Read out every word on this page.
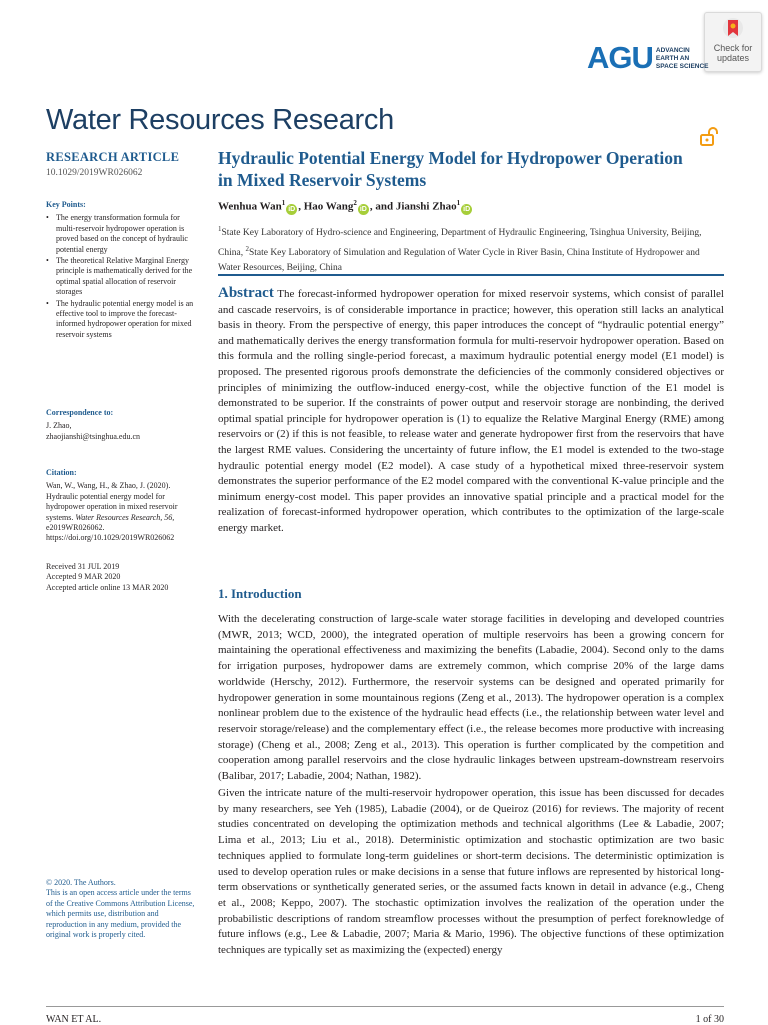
Check for
updates
AGU ADVANCIN
EARTH AN
SPACE SCIENCE
Water Resources Research
RESEARCH ARTICLE
10.1029/2019WR026062
Key Points:
• The energy transformation formula for multi-reservoir hydropower operation is proved based on the concept of hydraulic potential energy
• The theoretical Relative Marginal Energy principle is mathematically derived for the optimal spatial allocation of reservoir storages
• The hydraulic potential energy model is an effective tool to improve the forecast-informed hydropower operation for mixed reservoir systems
Correspondence to:
J. Zhao,
zhaojianshi@tsinghua.edu.cn
Citation:
Wan, W., Wang, H., & Zhao, J. (2020). Hydraulic potential energy model for hydropower operation in mixed reservoir systems. Water Resources Research, 56, e2019WR026062. https://doi.org/10.1029/2019WR026062
Received 31 JUL 2019
Accepted 9 MAR 2020
Accepted article online 13 MAR 2020
© 2020. The Authors.
This is an open access article under the terms of the Creative Commons Attribution License, which permits use, distribution and reproduction in any medium, provided the original work is properly cited.
Hydraulic Potential Energy Model for Hydropower Operation in Mixed Reservoir Systems
Wenhua Wan$^1$iD , Hao Wang$^2$iD , and Jianshi Zhao$^1$iD
$^1$State Key Laboratory of Hydro-science and Engineering, Department of Hydraulic Engineering, Tsinghua University, Beijing, China, $^2$State Key Laboratory of Simulation and Regulation of Water Cycle in River Basin, China Institute of Hydropower and Water Resources, Beijing, China
Abstract The forecast-informed hydropower operation for mixed reservoir systems, which consist of parallel and cascade reservoirs, is of considerable importance in practice; however, this operation still lacks an analytical basis in theory. From the perspective of energy, this paper introduces the concept of “hydraulic potential energy” and mathematically derives the energy transformation formula for multi-reservoir hydropower operation. Based on this formula and the rolling single-period forecast, a maximum hydraulic potential energy model (E1 model) is proposed. The presented rigorous proofs demonstrate the deficiencies of the commonly considered objectives or principles of minimizing the outflow-induced energy-cost, while the objective function of the E1 model is demonstrated to be superior. If the constraints of power output and reservoir storage are nonbinding, the derived optimal spatial principle for hydropower operation is (1) to equalize the Relative Marginal Energy (RME) among reservoirs or (2) if this is not feasible, to release water and generate hydropower first from the reservoirs that have the largest RME values. Considering the uncertainty of future inflow, the E1 model is extended to the two-stage hydraulic potential energy model (E2 model). A case study of a hypothetical mixed three-reservoir system demonstrates the superior performance of the E2 model compared with the conventional K-value principle and the minimum energy-cost model. This paper provides an innovative spatial principle and a practical model for the realization of forecast-informed hydropower operation, which contributes to the optimization of the large-scale energy market.
1. Introduction
With the decelerating construction of large-scale water storage facilities in developing and developed countries (MWR, 2013; WCD, 2000), the integrated operation of multiple reservoirs has been a growing concern for maintaining the operational effectiveness and maximizing the benefits (Labadie, 2004). Second only to the dams for irrigation purposes, hydropower dams are extremely common, which comprise 20% of the large dams worldwide (Herschy, 2012). Furthermore, the reservoir systems can be designed and operated primarily for hydropower generation in some mountainous regions (Zeng et al., 2013). The hydropower operation is a complex nonlinear problem due to the existence of the hydraulic head effects (i.e., the relationship between water level and reservoir storage/release) and the complementary effect (i.e., the release becomes more productive with increasing storage) (Cheng et al., 2008; Zeng et al., 2013). This operation is further complicated by the competition and cooperation among parallel reservoirs and the close hydraulic linkages between upstream-downstream reservoirs (Balibar, 2017; Labadie, 2004; Nathan, 1982).
Given the intricate nature of the multi-reservoir hydropower operation, this issue has been discussed for decades by many researchers, see Yeh (1985), Labadie (2004), or de Queiroz (2016) for reviews. The majority of recent studies concentrated on developing the optimization methods and technical algorithms (Lee & Labadie, 2007; Lima et al., 2013; Liu et al., 2018). Deterministic optimization and stochastic optimization are two basic techniques applied to formulate long-term guidelines or short-term decisions. The deterministic optimization is used to develop operation rules or make decisions in a sense that future inflows are represented by historical long-term observations or synthetically generated series, or the assumed facts known in detail in advance (e.g., Cheng et al., 2008; Keppo, 2007). The stochastic optimization involves the realization of the operation under the probabilistic descriptions of random streamflow processes without the presumption of perfect foreknowledge of future inflows (e.g., Lee & Labadie, 2007; Maria & Mario, 1996). The objective functions of these optimization techniques are typically set as maximizing the (expected) energy
WAN ET AL.	1 of 30
